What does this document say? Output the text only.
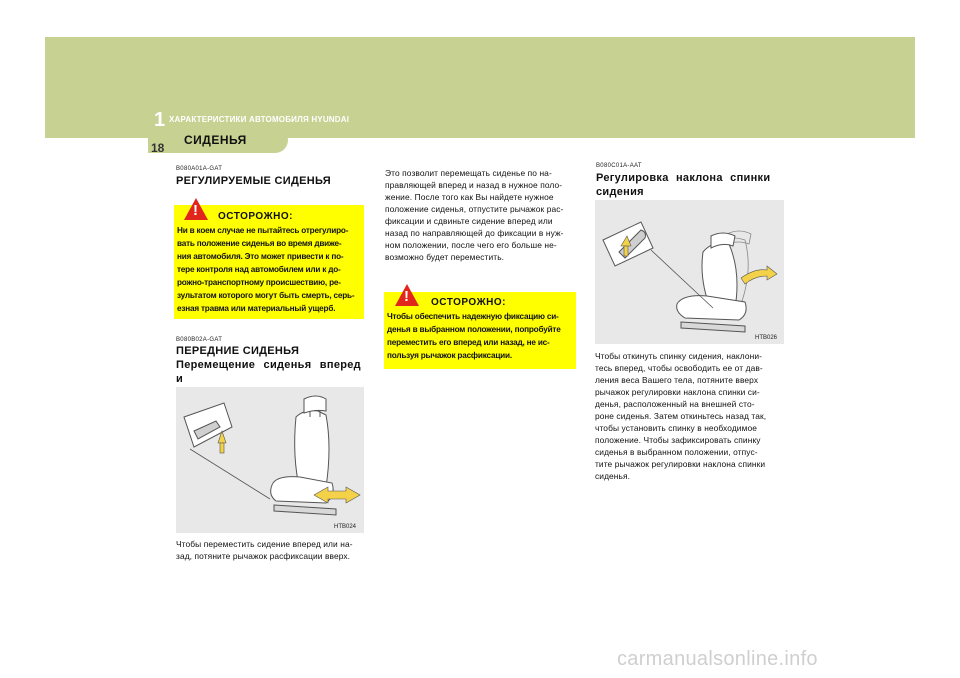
1 ХАРАКТЕРИСТИКИ АВТОМОБИЛЯ HYUNDAI
18
СИДЕНЬЯ
B080A01A-GAT
РЕГУЛИРУЕМЫЕ СИДЕНЬЯ
! ОСТОРОЖНО:
Ни в коем случае не пытайтесь отрегулиро-
вать положение сиденья во время движе-
ния автомобиля. Это может привести к по-
тере контроля над автомобилем или к до-
рожно-транспортному происшествию, ре-
зультатом которого могут быть смерть, серь-
езная травма или материальный ущерб.
B080B02A-GAT
ПЕРЕДНИЕ СИДЕНЬЯ
Перемещение сиденья вперед и
HTB024
Чтобы переместить сидение вперед или на-
зад, потяните рычажок расфиксации вверх.
Это позволит перемещать сиденье по на-
правляющей вперед и назад в нужное поло-
жение. После того как Вы найдете нужное
положение сиденья, отпустите рычажок рас-
фиксации и сдвиньте сидение вперед или
назад по направляющей до фиксации в нуж-
ном положении, после чего его больше не-
возможно будет переместить.
! ОСТОРОЖНО:
Чтобы обеспечить надежную фиксацию си-
денья в выбранном положении, попробуйте
переместить его вперед или назад, не ис-
пользуя рычажок расфиксации.
B080C01A-AAT
Регулировка наклона спинки
сидения
HTB026
Чтобы откинуть спинку сидения, наклони-
тесь вперед, чтобы освободить ее от дав-
ления веса Вашего тела, потяните вверх
рычажок регулировки наклона спинки си-
денья, расположенный на внешней сто-
роне сиденья. Затем откиньтесь назад так,
чтобы установить спинку в необходимое
положение. Чтобы зафиксировать спинку
сиденья в выбранном положении, отпус-
тите рычажок регулировки наклона спинки
сиденья.
carmanualsonline.info
